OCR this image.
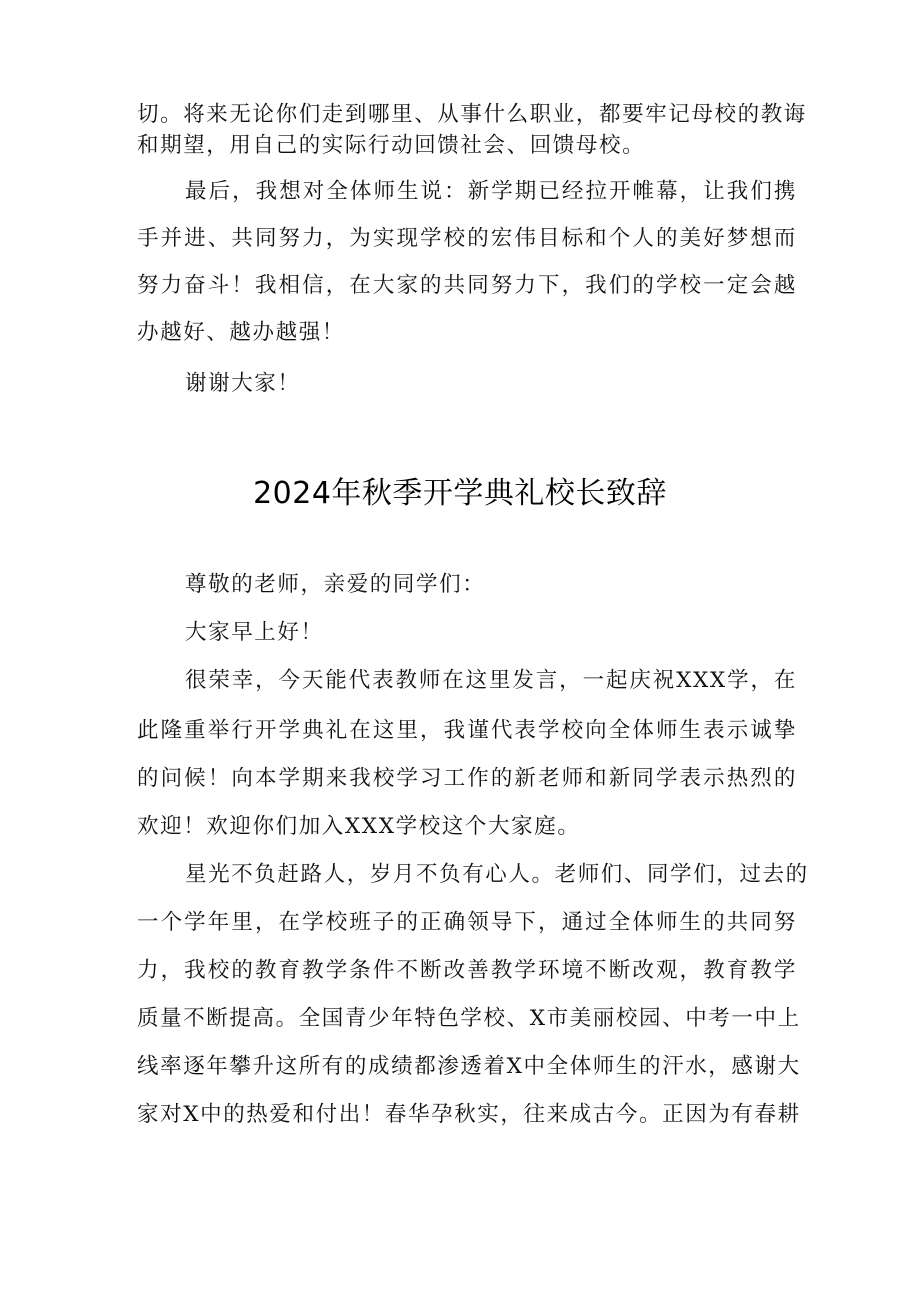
切。将来无论你们走到哪里、从事什么职业，都要牢记母校的教诲
和期望，用自己的实际行动回馈社会、回馈母校。
最后，我想对全体师生说：新学期已经拉开帷幕，让我们携
手并进、共同努力，为实现学校的宏伟目标和个人的美好梦想而
努力奋斗！我相信，在大家的共同努力下，我们的学校一定会越
办越好、越办越强！
谢谢大家！
2024年秋季开学典礼校长致辞
尊敬的老师，亲爱的同学们：
大家早上好！
很荣幸，今天能代表教师在这里发言，一起庆祝XXX学，在
此隆重举行开学典礼在这里，我谨代表学校向全体师生表示诚挚
的问候！向本学期来我校学习工作的新老师和新同学表示热烈的
欢迎！欢迎你们加入XXX学校这个大家庭。
星光不负赶路人，岁月不负有心人。老师们、同学们，过去的
一个学年里，在学校班子的正确领导下，通过全体师生的共同努
力，我校的教育教学条件不断改善教学环境不断改观，教育教学
质量不断提高。全国青少年特色学校、X市美丽校园、中考一中上
线率逐年攀升这所有的成绩都渗透着X中全体师生的汗水，感谢大
家对X中的热爱和付出！春华孕秋实，往来成古今。正因为有春耕
